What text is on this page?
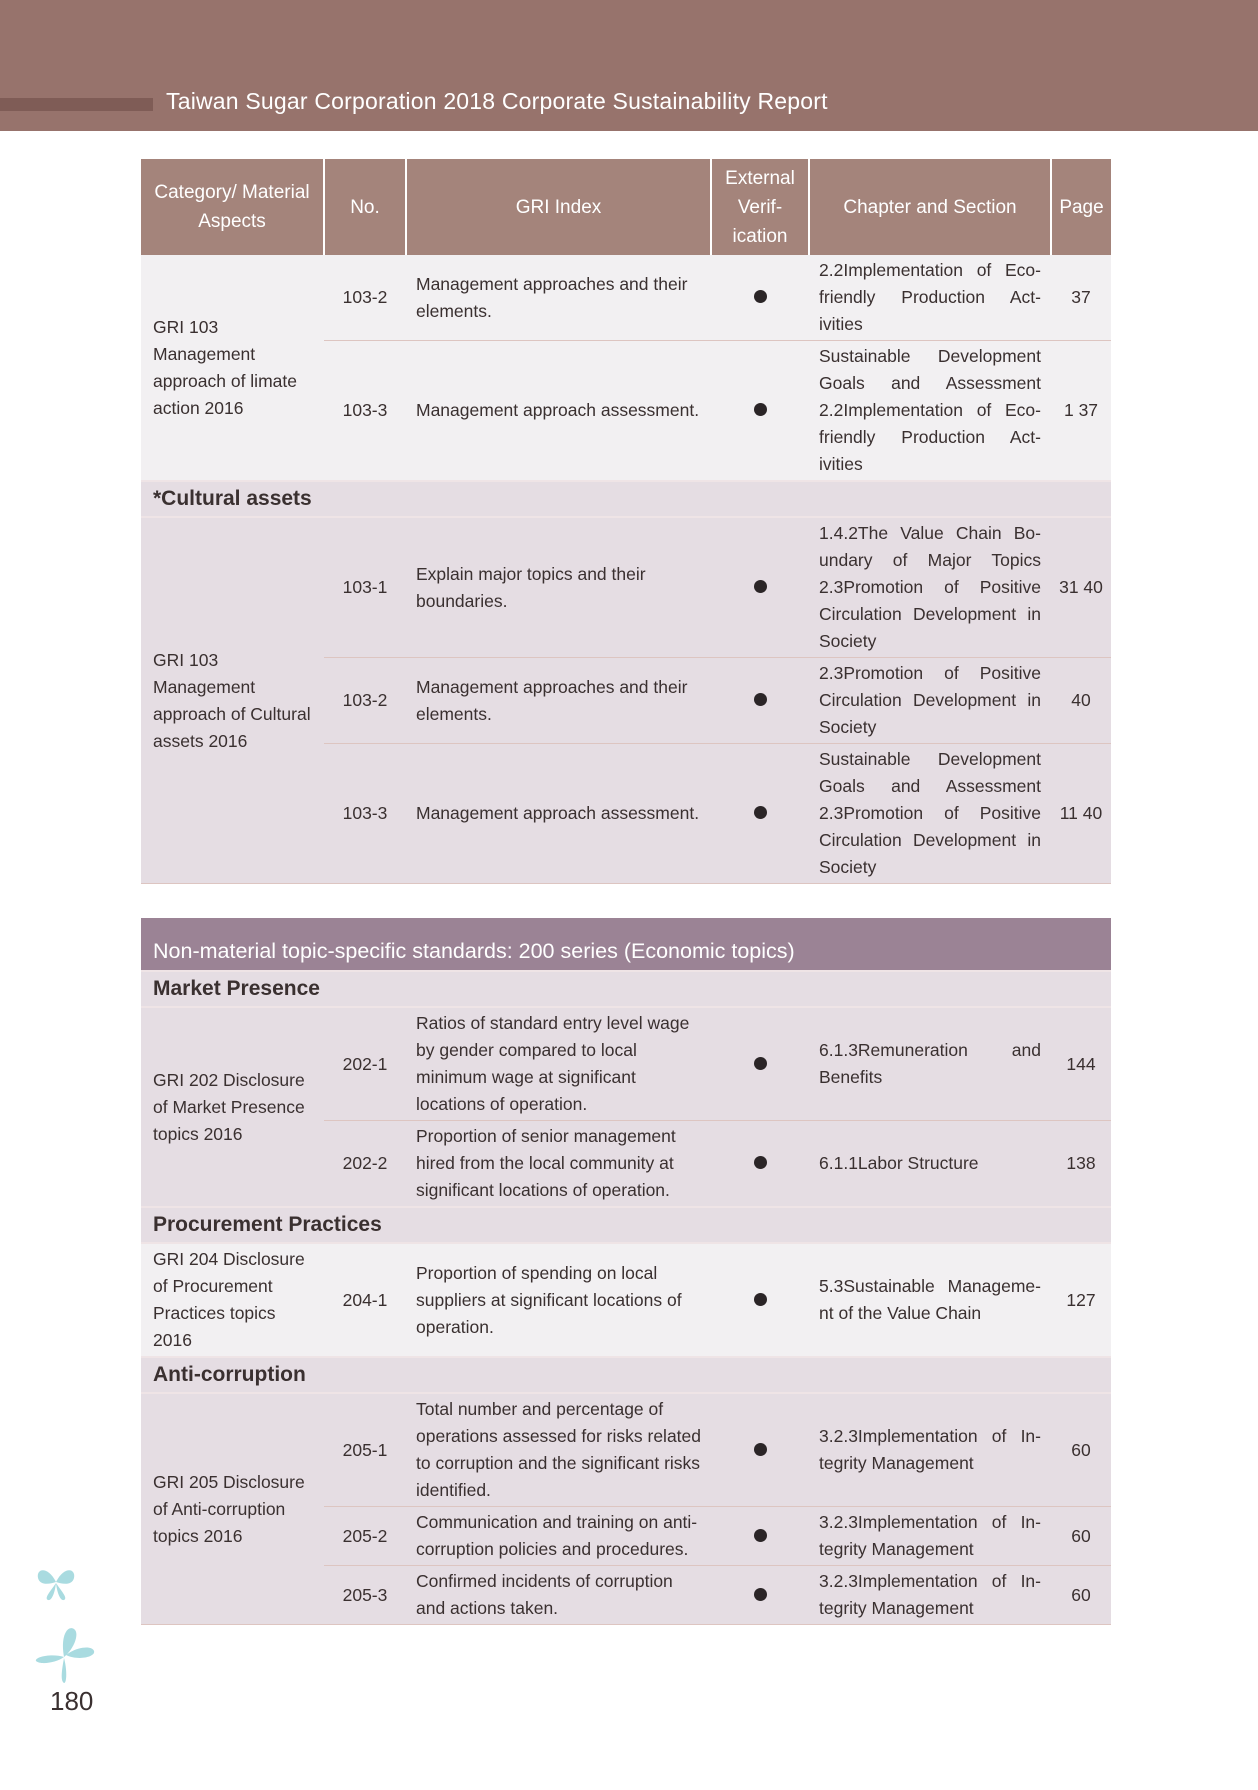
Taiwan Sugar Corporation 2018 Corporate Sustainability Report
Category/ Material Aspects	No.	GRI Index	External Verif-ication	Chapter and Section	Page
GRI 103 Management approach of limate action 2016	103-2	Management approaches and their elements.		2.2Implementation of Eco-friendly Production Act-ivities	37
	103-3	Management approach assessment.		Sustainable Development Goals and Assessment 2.2Implementation of Eco-friendly Production Act-ivities	1 37
*Cultural assets					
GRI 103 Management approach of Cultural assets 2016	103-1	Explain major topics and their boundaries.		1.4.2The Value Chain Bo-undary of Major Topics 2.3Promotion of Positive Circulation Development in Society	31 40
	103-2	Management approaches and their elements.		2.3Promotion of Positive Circulation Development in Society	40
	103-3	Management approach assessment.		Sustainable Development Goals and Assessment 2.3Promotion of Positive Circulation Development in Society	11 40
Non-material topic-specific standards: 200 series (Economic topics)					
Market Presence					
GRI 202 Disclosure of Market Presence topics 2016	202-1	Ratios of standard entry level wage by gender compared to local minimum wage at significant locations of operation.		6.1.3Remuneration and Benefits	144
	202-2	Proportion of senior management hired from the local community at significant locations of operation.		6.1.1Labor Structure	138
Procurement Practices					
GRI 204 Disclosure of Procurement Practices topics 2016	204-1	Proportion of spending on local suppliers at significant locations of operation.		5.3Sustainable Manageme-nt of the Value Chain	127
Anti-corruption					
GRI 205 Disclosure of Anti-corruption topics 2016	205-1	Total number and percentage of operations assessed for risks related to corruption and the significant risks identified.		3.2.3Implementation of In-tegrity Management	60
	205-2	Communication and training on anti-corruption policies and procedures.		3.2.3Implementation of In-tegrity Management	60
	205-3	Confirmed incidents of corruption and actions taken.		3.2.3Implementation of In-tegrity Management	60
180
